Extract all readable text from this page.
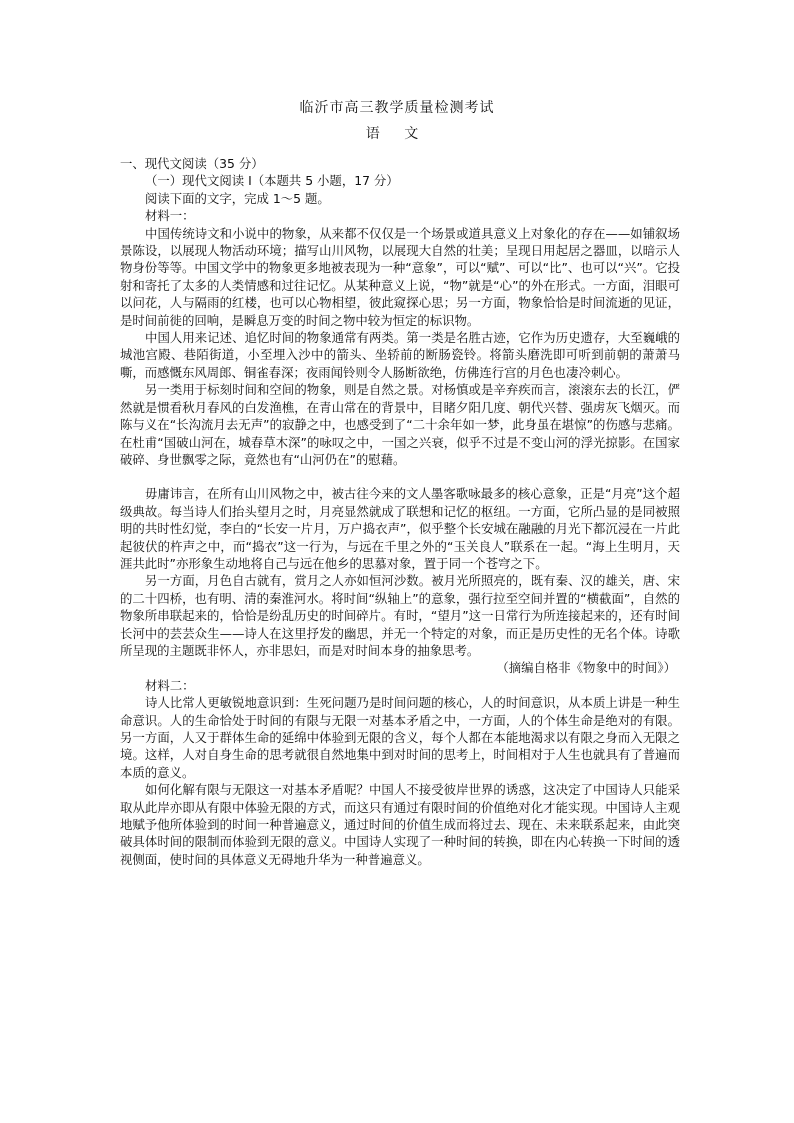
临沂市高三教学质量检测考试
语 文

一、现代文阅读（35 分）

（一）现代文阅读 I（本题共 5 小题，17 分）

阅读下面的文字，完成 1～5 题。

材料一：

中国传统诗文和小说中的物象，从来都不仅仅是一个场景或道具意义上对象化的存在——如铺叙场景陈设，以展现人物活动环境；描写山川风物，以展现大自然的壮美；呈现日用起居之器皿，以暗示人物身份等等。中国文学中的物象更多地被表现为一种“意象”，可以“赋”、可以“比”、也可以“兴”。它投射和寄托了太多的人类情感和过往记忆。从某种意义上说，“物”就是“心”的外在形式。一方面，泪眼可以问花，人与隔雨的红楼，也可以心物相望，彼此窥探心思；另一方面，物象恰恰是时间流逝的见证，是时间前徙的回响，是瞬息万变的时间之物中较为恒定的标识物。

中国人用来记述、追忆时间的物象通常有两类。第一类是名胜古迹，它作为历史遗存，大至巍峨的城池宫殿、巷陌街道，小至埋入沙中的箭头、坐轿前的断肠瓷铃。将箭头磨洗即可听到前朝的萧萧马嘶，而感慨东风周郎、铜雀春深；夜雨闻铃则令人肠断欲绝，仿佛连行宫的月色也凄冷刺心。

另一类用于标刻时间和空间的物象，则是自然之景。对杨慎或是辛弃疾而言，滚滚东去的长江，俨然就是惯看秋月春风的白发渔樵，在青山常在的背景中，目睹夕阳几度、朝代兴替、强虏灰飞烟灭。而陈与义在“长沟流月去无声”的寂静之中，也感受到了“二十余年如一梦，此身虽在堪惊”的伤感与悲痛。在杜甫“国破山河在，城春草木深”的咏叹之中，一国之兴衰，似乎不过是不变山河的浮光掠影。在国家破碎、身世飘零之际，竟然也有“山河仍在”的慰藉。

毋庸讳言，在所有山川风物之中，被古往今来的文人墨客歌咏最多的核心意象，正是“月亮”这个超级典故。每当诗人们抬头望月之时，月亮显然就成了联想和记忆的枢纽。一方面，它所凸显的是同被照明的共时性幻觉，李白的“长安一片月，万户捣衣声”，似乎整个长安城在融融的月光下都沉浸在一片此起彼伏的杵声之中，而“捣衣”这一行为，与远在千里之外的“玉关良人”联系在一起。“海上生明月，天涯共此时”亦形象生动地将自己与远在他乡的思慕对象，置于同一个苍穹之下。

另一方面，月色自古就有，赏月之人亦如恒河沙数。被月光所照亮的，既有秦、汉的雄关，唐、宋的二十四桥，也有明、清的秦淮河水。将时间“纵轴上”的意象，强行拉至空间并置的“横截面”，自然的物象所串联起来的，恰恰是纷乱历史的时间碎片。有时，“望月”这一日常行为所连接起来的，还有时间长河中的芸芸众生——诗人在这里抒发的幽思，并无一个特定的对象，而正是历史性的无名个体。诗歌所呈现的主题既非怀人，亦非思妇，而是对时间本身的抽象思考。

（摘编自格非《物象中的时间》）

材料二：

诗人比常人更敏锐地意识到：生死问题乃是时间问题的核心，人的时间意识，从本质上讲是一种生命意识。人的生命恰处于时间的有限与无限一对基本矛盾之中，一方面，人的个体生命是绝对的有限。另一方面，人又于群体生命的延绵中体验到无限的含义，每个人都在本能地渴求以有限之身而入无限之境。这样，人对自身生命的思考就很自然地集中到对时间的思考上，时间相对于人生也就具有了普遍而本质的意义。

如何化解有限与无限这一对基本矛盾呢？中国人不接受彼岸世界的诱惑，这决定了中国诗人只能采取从此岸亦即从有限中体验无限的方式，而这只有通过有限时间的价值绝对化才能实现。中国诗人主观地赋予他所体验到的时间一种普遍意义，通过时间的价值生成而将过去、现在、未来联系起来，由此突破具体时间的限制而体验到无限的意义。中国诗人实现了一种时间的转换，即在内心转换一下时间的透视侧面，使时间的具体意义无碍地升华为一种普遍意义。
